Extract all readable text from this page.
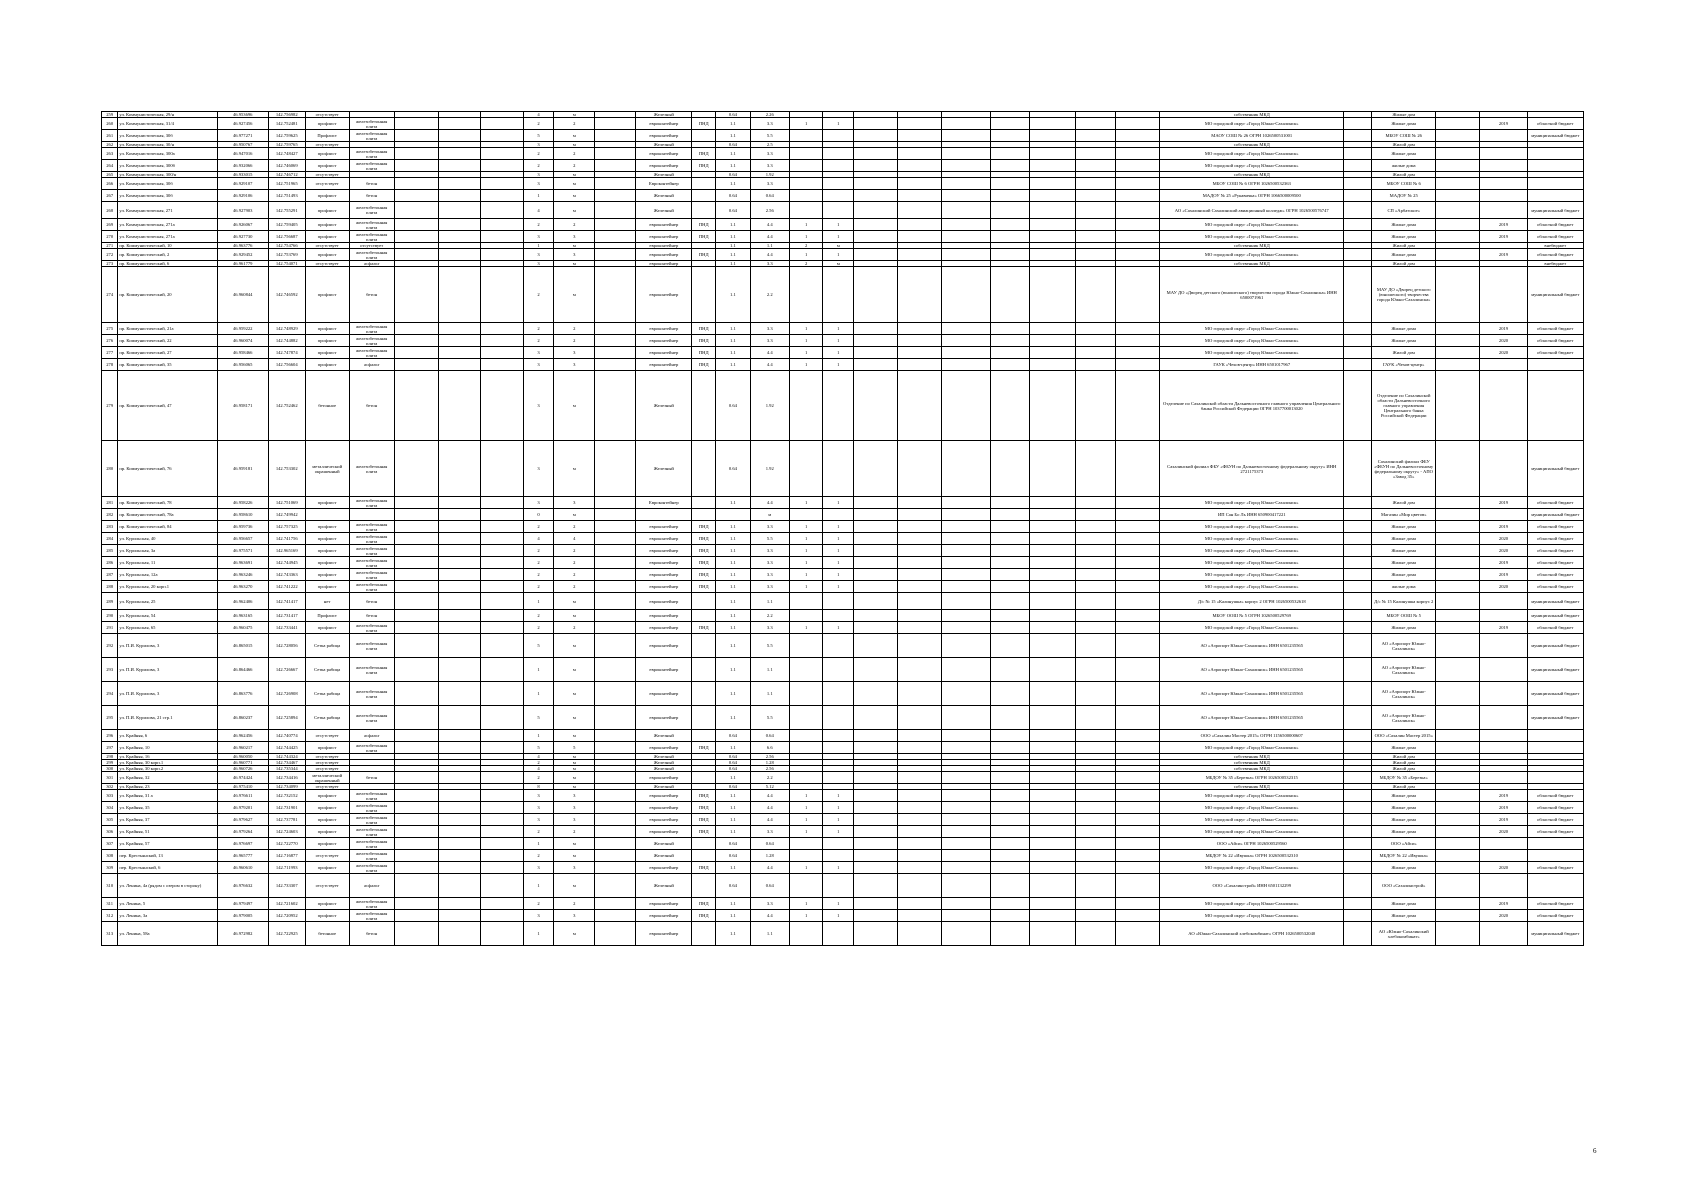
259	ул. Коммунистическая, 29/н	46.953696	142.756982	отсутствует					4	м		Железный		0.64	2.26										собственник МКД		Жилые дом			
260	ул. Коммунистическая, 31/4	46.927456	142.752481	профлист	железобетонная плита				2	2		евроконтейнер	ПНД	1.1	3.3	1	1								МО городской округ «Город Южно-Сахалинск»		Жилые дома		2019	областной бюджет
261	ул. Коммунистическая, 30б	46.977271	142.759625	Профлист	железобетонная плита				5	м		евроконтейнер		1.1	5.5										МАОУ СОШ № 26 ОГРН 1026500531001		МБОУ СОШ № 26			муниципальный бюджет
262	ул. Коммунистическая, 30/н	46.950767	142.759765	отсутствует					3	м		Железный		0.64	2.5										собственник МКД		Жилой дом			
263	ул. Коммунистическая, 300а	46.947016	142.748427	профлист	железобетонная плита				2	2		евроконтейнер	ПНД	1.1	3.3										МО городской округ «Город Южно-Сахалинск»		Жилые дома			
264	ул. Коммунистическая, 300б	46.932066	142.746069	профлист	железобетонная плита				2	2		евроконтейнер	ПНД	1.1	3.3										МО городской округ «Город Южно-Сахалинск»		жилые дома			
265	ул. Коммунистическая, 300/н	46.933015	142.746712	отсутствует					3	м		Железный		0.64	1.92										собственник МКД		Жилой дом			
266	ул. Коммунистическая, 30б	46.929107	142.751965	отсутствует	бетон				3	м		Евроконтейнер		1.1	3.3										МБОУ СОШ № 6 ОГРН 1026500532363		МБОУ СОШ № 6			
267	ул. Коммунистическая, 30б	46.929106	142.751493	профлист	бетон				1	м		Железный		0.64	0.64										МАДОУ № 25 «Рукавичка» ОГРН 1066500009500		МАДОУ № 25			
268	ул. Коммунистическая, 271	46.927903	142.755291	профлист	железобетонная плита				4	м		Железный		0.64	2.56										АО «Сахалинский Сахалинский авиационный колледж» ОГРН 1026500576747		СП «Арбатское»			муниципальный бюджет
269	ул. Коммунистическая, 271а	46.926067	142.759405	профлист	железобетонная плита				2	2		евроконтейнер	ПНД	1.1	4.4	1	1								МО городской округ «Город Южно-Сахалинск»		Жилые дома		2019	областной бюджет
270	ул. Коммунистическая, 271а	46.927730	142.756687	профлист	железобетонная плита				3	3		евроконтейнер	ПНД	1.1	4.4	1	1								МО городской округ «Город Южно-Сахалинск»		Жилые дома		2019	областной бюджет
271	пр. Коммунистический, 10	46.963776	142.754766	отсутствует	отсутствует				1	м		евроконтейнер		1.1	1.1	2	м								собственник МКД		Жилой дом			внебюджет
272	пр. Коммунистический, 2	46.929452	142.753769	профлист	железобетонная плита				3	3		евроконтейнер	ПНД	1.1	4.4	1	1								МО городской округ «Город Южно-Сахалинск»		Жилые дома		2019	областной бюджет
273	пр. Коммунистический, 6	46.961779	142.754071	отсутствует	асфальт				3	м		евроконтейнер		1.1	3.3	2	м								собственник МКД		Жилой дом			внебюджет
274	пр. Коммунистический, 20	46.960844	142.746592	профлист	бетон				2	м		евроконтейнер		1.1	2.2										МАУ ДО «Дворец детского (юношеского) творчества города Южно-Сахалинска» ИНН 6500071961		МАУ ДО «Дворец детского (юношеского) творчества города Южно-Сахалинска»			муниципальный бюджет
275	пр. Коммунистический, 21а	46.959222	142.748929	профлист	железобетонная плита				2	2		евроконтейнер	ПНД	1.1	3.3	1	1								МО городской округ «Город Южно-Сахалинск»		Жилые дома		2019	областной бюджет
276	пр. Коммунистический, 22	46.960074	142.744882	профлист	железобетонная плита				2	2		евроконтейнер	ПНД	1.1	3.3	1	1								МО городской округ «Город Южно-Сахалинск»		Жилые дома		2020	областной бюджет
277	пр. Коммунистический, 27	46.958466	142.747874	профлист	железобетонная плита				3	3		евроконтейнер	ПНД	1.1	4.4	1	1								МО городской округ «Город Южно-Сахалинск»		Жилой дом		2020	областной бюджет
278	пр. Коммунистический, 35	46.956065	142.756604	профлист	асфальт				3	3		евроконтейнер	ПНД	1.1	4.4	1	1								ГАУК «Чехов-центр» ИНН 6501017967		ГАУК «Чехов-центр»			
279	пр. Коммунистический, 47	46.958171	142.752462	бетонное	бетон				3	м		Железный		0.64	1.92										Отделение по Сахалинской области Дальневосточного главного управления Центрального банка Российской Федерации ОГРН 1037700013020		Отделение по Сахалинской области Дальневосточного главного управления Центрального банка Российской Федерации			
280	пр. Коммунистический, 76	46.959181	142.753302	металлический окрашенный	железобетонная плита				3	м		Железный		0.64	1.92										Сахалинский филиал ФБУ «ФБУН по Дальневосточному федеральному округу» ИНН 2721175373		Сахалинский филиал ФБУ «ФБУН по Дальневосточному федеральному округу» - АПО «Завод 35»			муниципальный бюджет
281	пр. Коммунистический, 78	46.958226	142.751069	профлист	железобетонная плита				3	3		Евроконтейнер		1.1	4.4	1	1								МО городской округ «Город Южно-Сахалинск»		Жилой дом		2019	областной бюджет
282	пр. Коммунистический, 78а	46.958610	142.749942						0	м					м										ИП Сан Бо Ль ИНН 650900417221		Магазин «Мир цветов»			муниципальный бюджет
283	пр. Коммунистический, 84	46.959736	142.757325	профлист	железобетонная плита				2	2		евроконтейнер	ПНД	1.1	3.3	1	1								МО городской округ «Город Южно-Сахалинск»		Жилые дома		2019	областной бюджет
284	ул. Курильская, 40	46.956657	142.741756	профлист	железобетонная плита				4	4		евроконтейнер	ПНД	1.1	5.5	1	1								МО городской округ «Город Южно-Сахалинск»		Жилые дома		2020	областной бюджет
285	ул. Курильская, 3а	46.975571	142.965169	профлист	железобетонная плита				2	2		евроконтейнер	ПНД	1.1	3.3	1	1								МО городской округ «Город Южно-Сахалинск»		Жилые дома		2020	областной бюджет
286	ул. Курильская, 11	46.963691	142.744945	профлист	железобетонная плита				2	2		евроконтейнер	ПНД	1.1	3.3	1	1								МО городской округ «Город Южно-Сахалинск»		Жилые дома		2019	областной бюджет
287	ул. Курильская, 12а	46.963246	142.743363	профлист	железобетонная плита				2	2		евроконтейнер	ПНД	1.1	3.3	1	1								МО городской округ «Город Южно-Сахалинск»		Жилые дома		2019	областной бюджет
288	ул. Курильская, 20 корп.1	46.963270	142.741222	профлист	железобетонная плита				2	2		евроконтейнер	ПНД	1.1	3.3	1	1								МО городской округ «Город Южно-Сахалинск»		жилые дома		2020	областной бюджет
289	ул. Курильская, 25	46.962406	142.741417	нет	бетон				1	м		евроконтейнер		1.1	1.1										Д/с № 15 «Калинушка» корпус 2 ОГРН 1026500532618		Д/с № 15 Калинушка корпус 2			муниципальный бюджет
290	ул. Курильская, 54	46.963165	142.731417	Профлист	бетон				2	м		евроконтейнер		1.1	2.2										МБОУ ООШ № 5 ОГРН 1026500529769		МБОУ ООШ № 5			муниципальный бюджет
291	ул. Курильская, 65	46.960475	142.733441	профлист	железобетонная плита				2	2		евроконтейнер	ПНД	1.1	3.3	1	1								МО городской округ «Город Южно-Сахалинск»		Жилые дома		2019	областной бюджет
292	ул. П.И. Курилова, 3	46.865015	142.728056	Сетка рабица	железобетонная плита				5	м		евроконтейнер		1.1	5.5										АО «Аэропорт Южно-Сахалинск» ИНН 6501235565		АО «Аэропорт Южно-Сахалинск»			муниципальный бюджет
293	ул. П.И. Курилова, 3	46.864466	142.726667	Сетка рабица	железобетонная плита				1	м		евроконтейнер		1.1	1.1										АО «Аэропорт Южно-Сахалинск» ИНН 6501235565		АО «Аэропорт Южно-Сахалинск»			муниципальный бюджет
294	ул. П.И. Курилова, 3	46.863776	142.726908	Сетка рабица	железобетонная плита				1	м		евроконтейнер		1.1	1.1										АО «Аэропорт Южно-Сахалинск» ИНН 6501235565		АО «Аэропорт Южно-Сахалинск»			муниципальный бюджет
295	ул. П.И. Курилова, 21 стр.1	46.860237	142.725894	Сетка рабица	железобетонная плита				5	м		евроконтейнер		1.1	5.5										АО «Аэропорт Южно-Сахалинск» ИНН 6501235565		АО «Аэропорт Южно-Сахалинск»			муниципальный бюджет
296	ул. Крайняя, 6	46.962456	142.740774	отсутствует	асфальт				1	м		Железный		0.64	0.64										ООО «Сахалин Мастер 2015» ОГРН 1156500000607		ООО «Сахалин Мастер 2015»			
297	ул. Крайняя, 10	46.960217	142.744425	профлист	железобетонная плита				5	5		евроконтейнер	ПНД	1.1	6.6										МО городской округ «Город Южно-Сахалинск»		Жилые дома			
298	ул. Крайняя, 16	46.960050	142.744324	отсутствует					4	м		Железный		0.64	2.56										собственник МКД		Жилой дом			
299	ул. Крайняя, 30 корп.1	46.960771	142.734467	отсутствует					2	м		Железный		0.64	1.28										собственник МКД		Жилой дом			
300	ул. Крайняя, 30 корп.2	46.960726	142.735344	отсутствует					4	м		Железный		0.64	2.56										собственник МКД		Жилой дом			
301	ул. Крайняя, 32	46.974424	142.734416	металлический окрашенный	бетон				2	м		евроконтейнер		1.1	2.2										МБДОУ № 35 «Березка» ОГРН 1026500532315		МБДОУ № 35 «Березка»			
302	ул. Крайняя, 23	46.975410	142.734099	отсутствует					8	м		Железный		0.64	5.12										собственник МКД		Жилой дом			
303	ул. Крайняя, 31 а	46.976611	142.732152	профлист	железобетонная плита				3	3		евроконтейнер	ПНД	1.1	4.4	1	1								МО городской округ «Город Южно-Сахалинск»		Жилые дома		2019	областной бюджет
304	ул. Крайняя, 35	46.979201	142.731901	профлист	железобетонная плита				3	3		евроконтейнер	ПНД	1.1	4.4	1	1								МО городской округ «Город Южно-Сахалинск»		Жилые дома		2019	областной бюджет
305	ул. Крайняя, 37	46.979627	142.737781	профлист	железобетонная плита				3	3		евроконтейнер	ПНД	1.1	4.4	1	1								МО городской округ «Город Южно-Сахалинск»		Жилые дома		2019	областной бюджет
306	ул. Крайняя, 51	46.979264	142.724603	профлист	железобетонная плита				2	2		евроконтейнер	ПНД	1.1	3.3	1	1								МО городской округ «Город Южно-Сахалинск»		Жилые дома		2020	областной бюджет
307	ул. Крайняя, 57	46.976697	142.722770	профлист	железобетонная плита				1	м		Железный		0.64	0.64										ООО «Айси» ОГРН 1026500529560		ООО «Айси»			
308	пер. Крестьянский, 13	46.965777	142.716877	отсутствует	железобетонная плита				2	м		Железный		0.64	1.28										МБДОУ № 22 «Ивушка» ОГРН 1026500532310		МБДОУ № 22 «Ивушка»			
309	пер. Крестьянский, 6	46.960610	142.711993	профлист	железобетонная плита				3	3		евроконтейнер	ПНД	1.1	4.4	1	1								МО городской округ «Город Южно-Сахалинск»		Жилые дома		2020	областной бюджет
310	ул. Ленина, 4а (рядом с озером в сторону)	46.976632	142.733307	отсутствует	асфальт				1	м		Железный		0.64	0.64										ООО «Сахалинстрой» ИНН 6501132299		ООО «Сахалинстрой»			
311	ул. Ленина, 5	46.979497	142.721602	профлист	железобетонная плита				2	2		евроконтейнер	ПНД	1.1	3.3	1	1								МО городской округ «Город Южно-Сахалинск»		Жилые дома		2019	областной бюджет
312	ул. Ленина, 3а	46.979005	142.720952	профлист	железобетонная плита				3	3		евроконтейнер	ПНД	1.1	4.4	1	1								МО городской округ «Город Южно-Сахалинск»		Жилые дома		2020	областной бюджет
313	ул. Ленина, 58а	46.972982	142.722925	бетонное	бетон				1	м		евроконтейнер		1.1	1.1										АО «Южно-Сахалинский хлебокомбинат» ОГРН 1026500532040		АО «Южно-Сахалинский хлебокомбинат»			муниципальный бюджет
6
